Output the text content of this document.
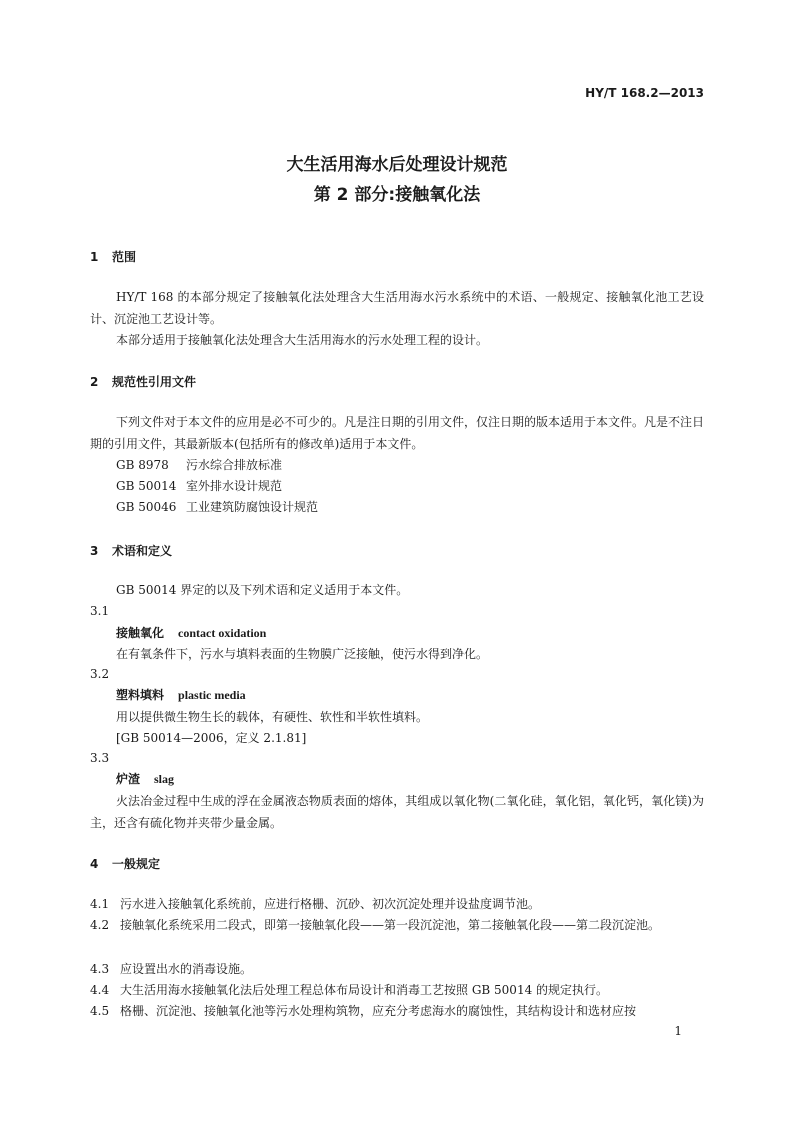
HY/T 168.2—2013
大生活用海水后处理设计规范
第 2 部分:接触氧化法
1 范围
HY/T 168 的本部分规定了接触氧化法处理含大生活用海水污水系统中的术语、一般规定、接触氧化池工艺设计、沉淀池工艺设计等。
本部分适用于接触氧化法处理含大生活用海水的污水处理工程的设计。
2 规范性引用文件
下列文件对于本文件的应用是必不可少的。凡是注日期的引用文件，仅注日期的版本适用于本文件。凡是不注日期的引用文件，其最新版本(包括所有的修改单)适用于本文件。
GB 8978 污水综合排放标准
GB 50014 室外排水设计规范
GB 50046 工业建筑防腐蚀设计规范
3 术语和定义
GB 50014 界定的以及下列术语和定义适用于本文件。
3.1
接触氧化 contact oxidation
在有氧条件下，污水与填料表面的生物膜广泛接触，使污水得到净化。
3.2
塑料填料 plastic media
用以提供微生物生长的载体，有硬性、软性和半软性填料。
[GB 50014—2006，定义 2.1.81]
3.3
炉渣 slag
火法冶金过程中生成的浮在金属液态物质表面的熔体，其组成以氧化物(二氧化硅，氧化铝，氧化钙，氧化镁)为主，还含有硫化物并夹带少量金属。
4 一般规定
4.1 污水进入接触氧化系统前，应进行格栅、沉砂、初次沉淀处理并设盐度调节池。
4.2 接触氧化系统采用二段式，即第一接触氧化段——第一段沉淀池，第二接触氧化段——第二段沉淀池。
4.3 应设置出水的消毒设施。
4.4 大生活用海水接触氧化法后处理工程总体布局设计和消毒工艺按照 GB 50014 的规定执行。
4.5 格栅、沉淀池、接触氧化池等污水处理构筑物，应充分考虑海水的腐蚀性，其结构设计和选材应按
1
